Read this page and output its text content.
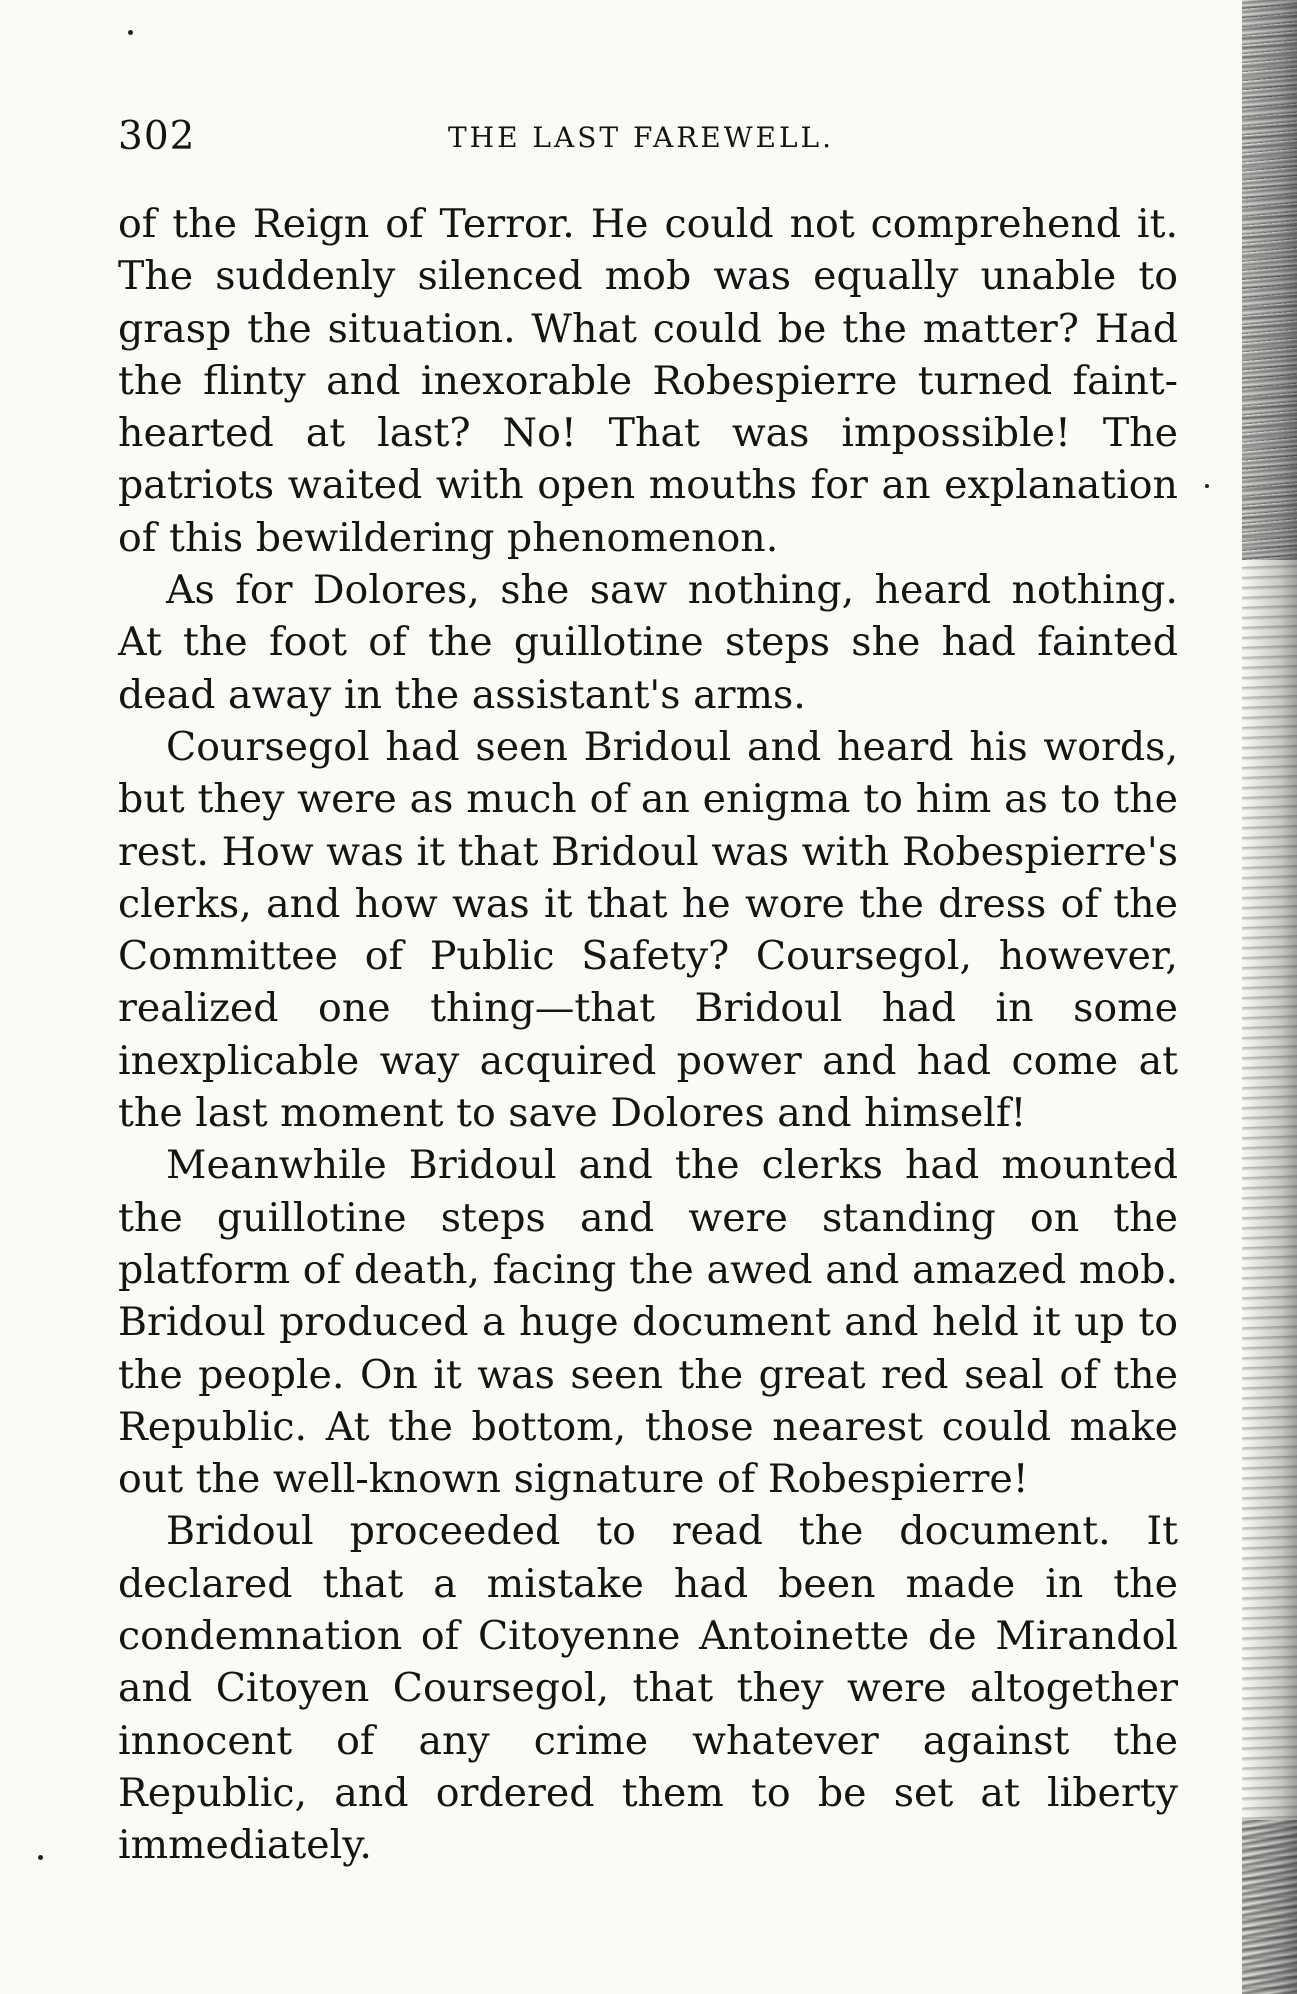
302	THE LAST FAREWELL.

of the Reign of Terror. He could not comprehend it. The suddenly silenced mob was equally unable to grasp the situation. What could be the matter? Had the flinty and inexorable Robespierre turned faint-hearted at last? No! That was impossible! The patriots waited with open mouths for an explanation of this bewildering phenomenon.

As for Dolores, she saw nothing, heard nothing. At the foot of the guillotine steps she had fainted dead away in the assistant's arms.

Coursegol had seen Bridoul and heard his words, but they were as much of an enigma to him as to the rest. How was it that Bridoul was with Robespierre's clerks, and how was it that he wore the dress of the Committee of Public Safety? Coursegol, however, realized one thing—that Bridoul had in some inexplicable way acquired power and had come at the last moment to save Dolores and himself!

Meanwhile Bridoul and the clerks had mounted the guillotine steps and were standing on the platform of death, facing the awed and amazed mob. Bridoul produced a huge document and held it up to the people. On it was seen the great red seal of the Republic. At the bottom, those nearest could make out the well-known signature of Robespierre!

Bridoul proceeded to read the document. It declared that a mistake had been made in the condemnation of Citoyenne Antoinette de Mirandol and Citoyen Coursegol, that they were altogether innocent of any crime whatever against the Republic, and ordered them to be set at liberty immediately.
